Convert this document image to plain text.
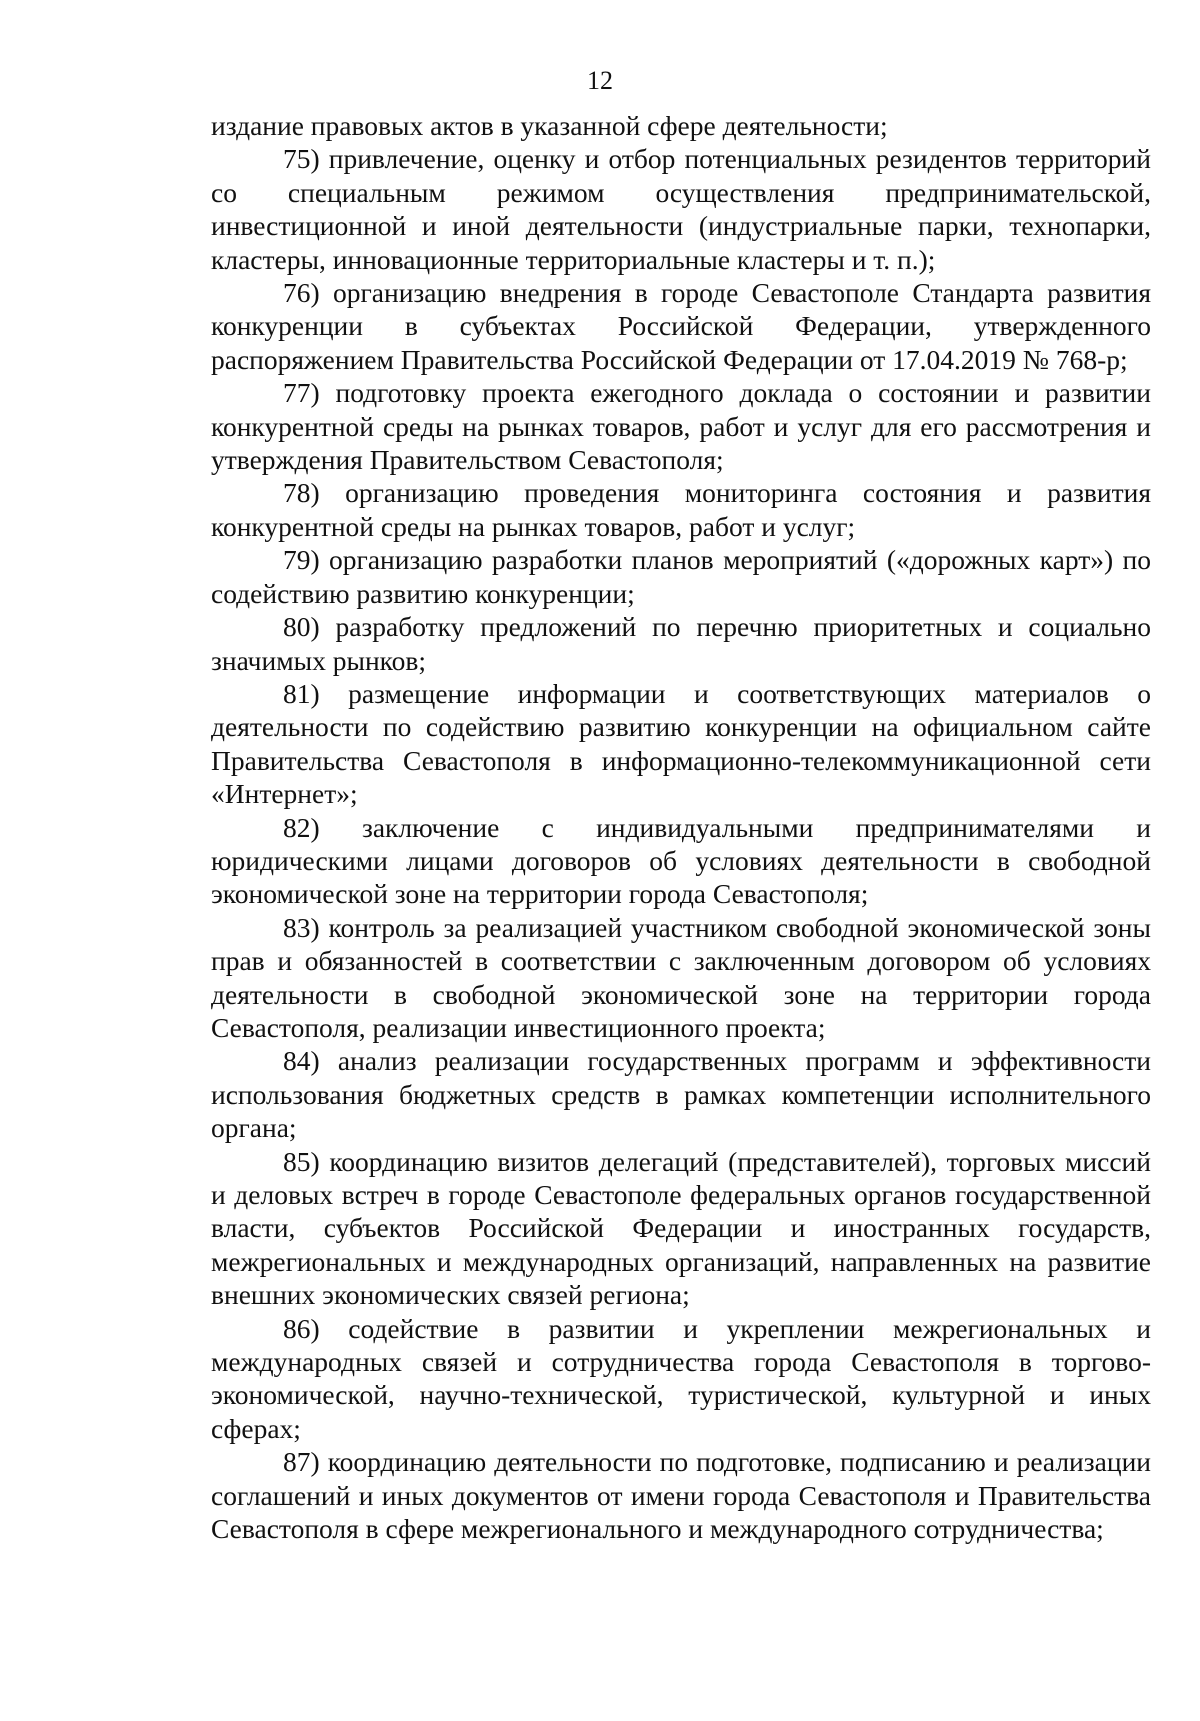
12

издание правовых актов в указанной сфере деятельности;

75) привлечение, оценку и отбор потенциальных резидентов территорий со специальным режимом осуществления предпринимательской, инвестиционной и иной деятельности (индустриальные парки, технопарки, кластеры, инновационные территориальные кластеры и т. п.);

76) организацию внедрения в городе Севастополе Стандарта развития конкуренции в субъектах Российской Федерации, утвержденного распоряжением Правительства Российской Федерации от 17.04.2019 № 768-р;

77) подготовку проекта ежегодного доклада о состоянии и развитии конкурентной среды на рынках товаров, работ и услуг для его рассмотрения и утверждения Правительством Севастополя;

78) организацию проведения мониторинга состояния и развития конкурентной среды на рынках товаров, работ и услуг;

79) организацию разработки планов мероприятий («дорожных карт») по содействию развитию конкуренции;

80) разработку предложений по перечню приоритетных и социально значимых рынков;

81) размещение информации и соответствующих материалов о деятельности по содействию развитию конкуренции на официальном сайте Правительства Севастополя в информационно-телекоммуникационной сети «Интернет»;

82) заключение с индивидуальными предпринимателями и юридическими лицами договоров об условиях деятельности в свободной экономической зоне на территории города Севастополя;

83) контроль за реализацией участником свободной экономической зоны прав и обязанностей в соответствии с заключенным договором об условиях деятельности в свободной экономической зоне на территории города Севастополя, реализации инвестиционного проекта;

84) анализ реализации государственных программ и эффективности использования бюджетных средств в рамках компетенции исполнительного органа;

85) координацию визитов делегаций (представителей), торговых миссий и деловых встреч в городе Севастополе федеральных органов государственной власти, субъектов Российской Федерации и иностранных государств, межрегиональных и международных организаций, направленных на развитие внешних экономических связей региона;

86) содействие в развитии и укреплении межрегиональных и международных связей и сотрудничества города Севастополя в торгово-экономической, научно-технической, туристической, культурной и иных сферах;

87) координацию деятельности по подготовке, подписанию и реализации соглашений и иных документов от имени города Севастополя и Правительства Севастополя в сфере межрегионального и международного сотрудничества;
